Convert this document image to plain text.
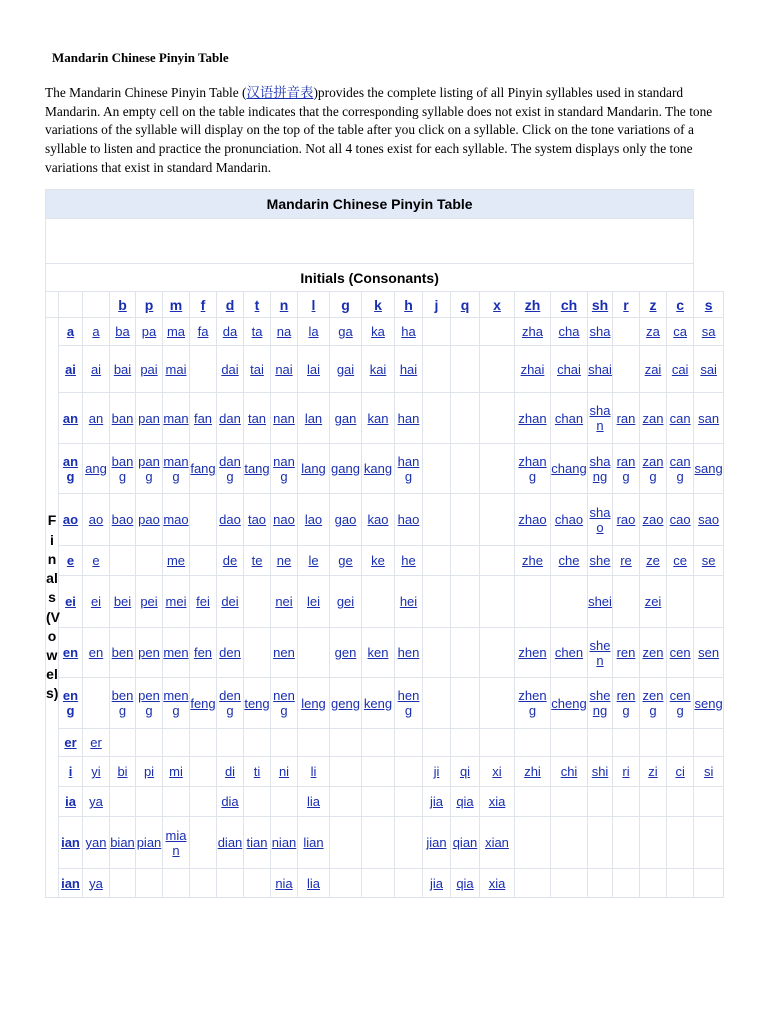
Mandarin Chinese Pinyin Table

The Mandarin Chinese Pinyin Table (汉语拼音表)provides the complete listing of all Pinyin syllables used in standard Mandarin. An empty cell on the table indicates that the corresponding syllable does not exist in standard Mandarin. The tone variations of the syllable will display on the top of the table after you click on a syllable. Click on the tone variations of a syllable to listen and practice the pronunciation. Not all 4 tones exist for each syllable. The system displays only the tone variations that exist in standard Mandarin.

Mandarin Chinese Pinyin Table																							

Initials (Consonants)																							
			b	p	m	f	d	t	n	l	g	k	h	j	q	x	zh	ch	sh	r	z	c	s
Finals (Vowels)	a	a	ba	pa	ma	fa	da	ta	na	la	ga	ka	ha				zha	cha	sha		za	ca	sa
	ai	ai	bai	pai	mai		dai	tai	nai	lai	gai	kai	hai				zhai	chai	shai		zai	cai	sai
	an	an	ban	pan	man	fan	dan	tan	nan	lan	gan	kan	han				zhan	chan	shan	ran	zan	can	san
	ang	ang	bang	pang	mang	fang	dang	tang	nang	lang	gang	kang	hang				zhang	chang	shang	rang	zang	cang	sang
	ao	ao	bao	pao	mao		dao	tao	nao	lao	gao	kao	hao				zhao	chao	shao	rao	zao	cao	sao
	e	e			me		de	te	ne	le	ge	ke	he				zhe	che	she	re	ze	ce	se
	ei	ei	bei	pei	mei	fei	dei		nei	lei	gei		hei						shei		zei		
	en	en	ben	pen	men	fen	den		nen		gen	ken	hen				zhen	chen	shen	ren	zen	cen	sen
	eng		beng	peng	meng	feng	deng	teng	neng	leng	geng	keng	heng				zheng	cheng	sheng	reng	zeng	ceng	seng
	er	er																					
	i	yi	bi	pi	mi		di	ti	ni	li				ji	qi	xi	zhi	chi	shi	ri	zi	ci	si
	ia	ya					dia			lia				jia	qia	xia							
	ian	yan	bian	pian	mian		dian	tian	nian	lian				jian	qian	xian							
	ian	ya							nia	lia				jia	qia	xia							
